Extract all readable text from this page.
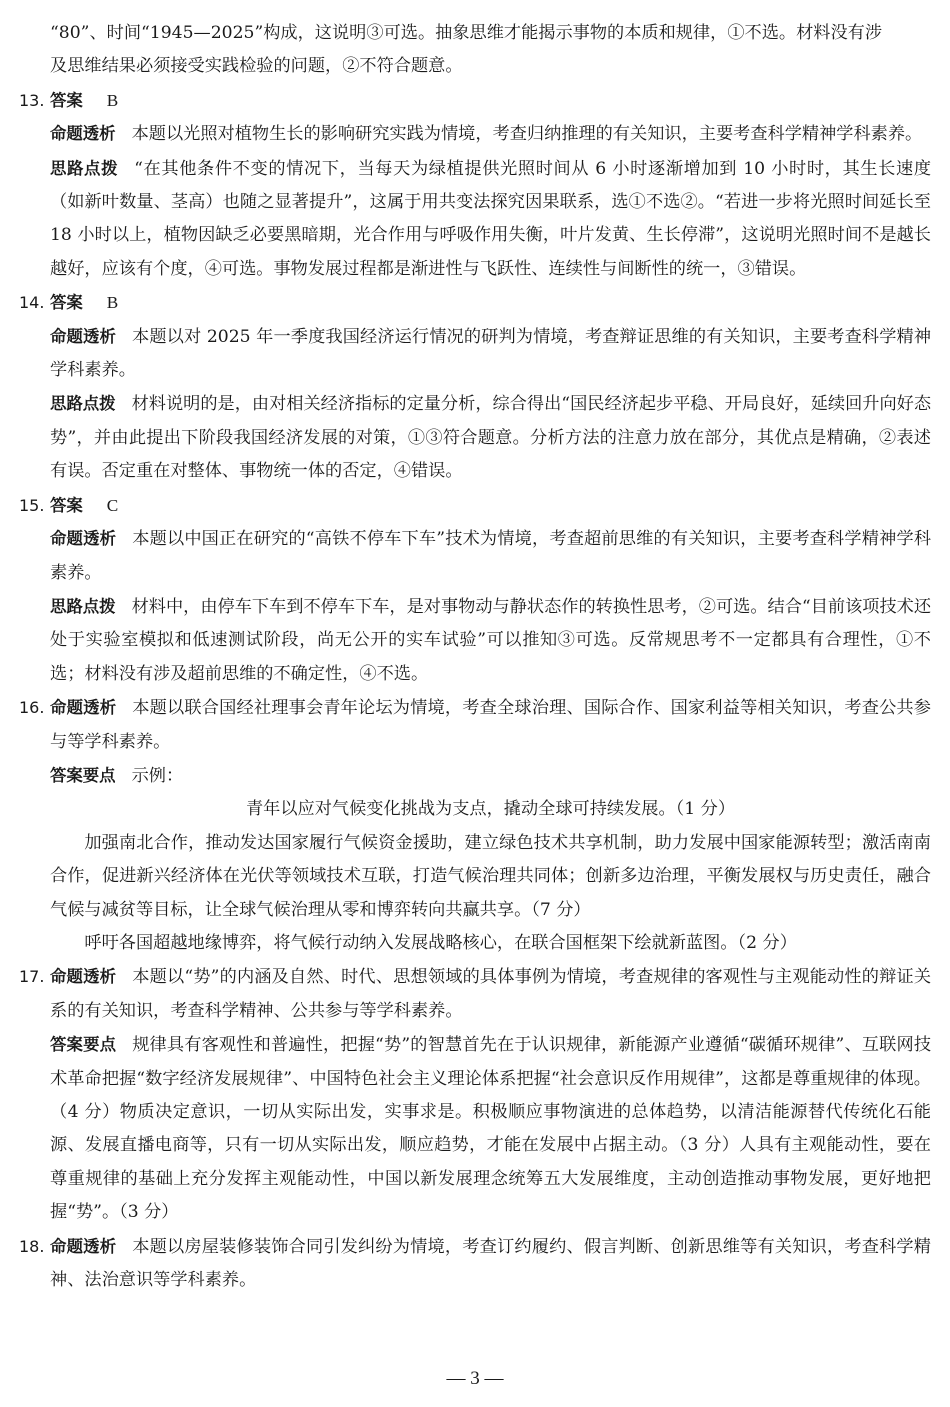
“80”、时间“1945—2025”构成，这说明③可选。抽象思维才能揭示事物的本质和规律，①不选。材料没有涉

及思维结果必须接受实践检验的问题，②不符合题意。

13. 答案 B

命题透析 本题以光照对植物生长的影响研究实践为情境，考查归纳推理的有关知识，主要考查科学精神学科素养。

思路点拨 “在其他条件不变的情况下，当每天为绿植提供光照时间从 6 小时逐渐增加到 10 小时时，其生长速度（如新叶数量、茎高）也随之显著提升”，这属于用共变法探究因果联系，选①不选②。“若进一步将光照时间延长至 18 小时以上，植物因缺乏必要黑暗期，光合作用与呼吸作用失衡，叶片发黄、生长停滞”，这说明光照时间不是越长越好，应该有个度，④可选。事物发展过程都是渐进性与飞跃性、连续性与间断性的统一，③错误。

14. 答案 B

命题透析 本题以对 2025 年一季度我国经济运行情况的研判为情境，考查辩证思维的有关知识，主要考查科学精神学科素养。

思路点拨 材料说明的是，由对相关经济指标的定量分析，综合得出“国民经济起步平稳、开局良好，延续回升向好态势”，并由此提出下阶段我国经济发展的对策，①③符合题意。分析方法的注意力放在部分，其优点是精确，②表述有误。否定重在对整体、事物统一体的否定，④错误。

15. 答案 C

命题透析 本题以中国正在研究的“高铁不停车下车”技术为情境，考查超前思维的有关知识，主要考查科学精神学科素养。

思路点拨 材料中，由停车下车到不停车下车，是对事物动与静状态作的转换性思考，②可选。结合“目前该项技术还处于实验室模拟和低速测试阶段，尚无公开的实车试验”可以推知③可选。反常规思考不一定都具有合理性，①不选；材料没有涉及超前思维的不确定性，④不选。

16. 命题透析 本题以联合国经社理事会青年论坛为情境，考查全球治理、国际合作、国家利益等相关知识，考查公共参与等学科素养。

答案要点 示例：

青年以应对气候变化挑战为支点，撬动全球可持续发展。（1 分）

加强南北合作，推动发达国家履行气候资金援助，建立绿色技术共享机制，助力发展中国家能源转型；激活南南合作，促进新兴经济体在光伏等领域技术互联，打造气候治理共同体；创新多边治理，平衡发展权与历史责任，融合气候与减贫等目标，让全球气候治理从零和博弈转向共赢共享。（7 分）

呼吁各国超越地缘博弈，将气候行动纳入发展战略核心，在联合国框架下绘就新蓝图。（2 分）

17. 命题透析 本题以“势”的内涵及自然、时代、思想领域的具体事例为情境，考查规律的客观性与主观能动性的辩证关系的有关知识，考查科学精神、公共参与等学科素养。

答案要点 规律具有客观性和普遍性，把握“势”的智慧首先在于认识规律，新能源产业遵循“碳循环规律”、互联网技术革命把握“数字经济发展规律”、中国特色社会主义理论体系把握“社会意识反作用规律”，这都是尊重规律的体现。（4 分）物质决定意识，一切从实际出发，实事求是。积极顺应事物演进的总体趋势，以清洁能源替代传统化石能源、发展直播电商等，只有一切从实际出发，顺应趋势，才能在发展中占据主动。（3 分）人具有主观能动性，要在尊重规律的基础上充分发挥主观能动性，中国以新发展理念统筹五大发展维度，主动创造推动事物发展，更好地把握“势”。（3 分）

18. 命题透析 本题以房屋装修装饰合同引发纠纷为情境，考查订约履约、假言判断、创新思维等有关知识，考查科学精神、法治意识等学科素养。

— 3 —
